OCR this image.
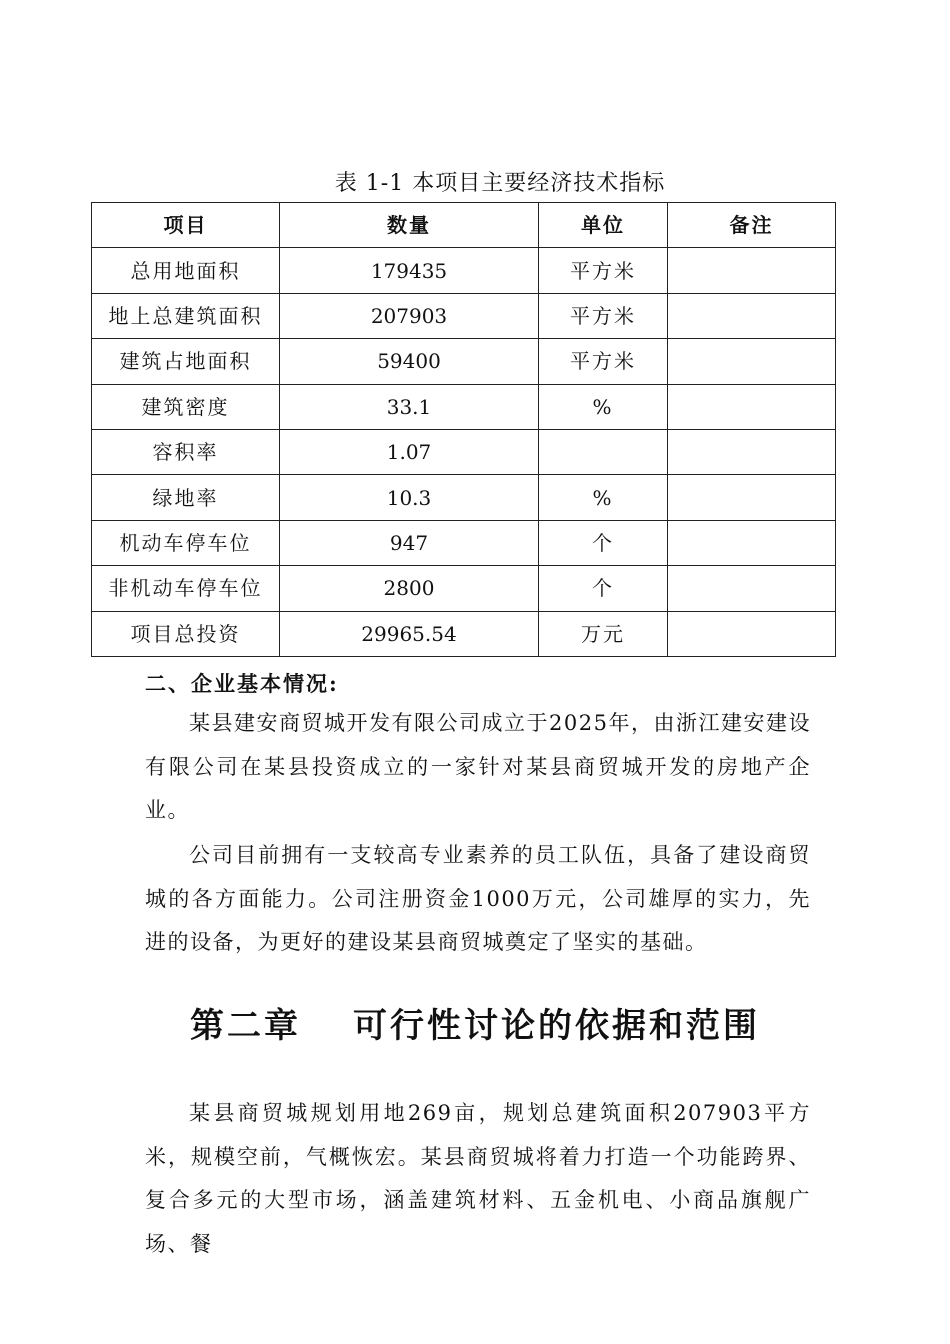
表 1-1 本项目主要经济技术指标
项目	数量	单位	备注
总用地面积	179435	平方米	
地上总建筑面积	207903	平方米	
建筑占地面积	59400	平方米	
建筑密度	33.1	%	
容积率	1.07		
绿地率	10.3	%	
机动车停车位	947	个	
非机动车停车位	2800	个	
项目总投资	29965.54	万元	
二、企业基本情况:

某县建安商贸城开发有限公司成立于2025年，由浙江建安建设有限公司在某县投资成立的一家针对某县商贸城开发的房地产企业。

公司目前拥有一支较高专业素养的员工队伍，具备了建设商贸城的各方面能力。公司注册资金1000万元，公司雄厚的实力，先进的设备，为更好的建设某县商贸城奠定了坚实的基础。

第二章 可行性讨论的依据和范围

某县商贸城规划用地269亩，规划总建筑面积207903平方米，规模空前，气概恢宏。某县商贸城将着力打造一个功能跨界、复合多元的大型市场，涵盖建筑材料、五金机电、小商品旗舰广场、餐
